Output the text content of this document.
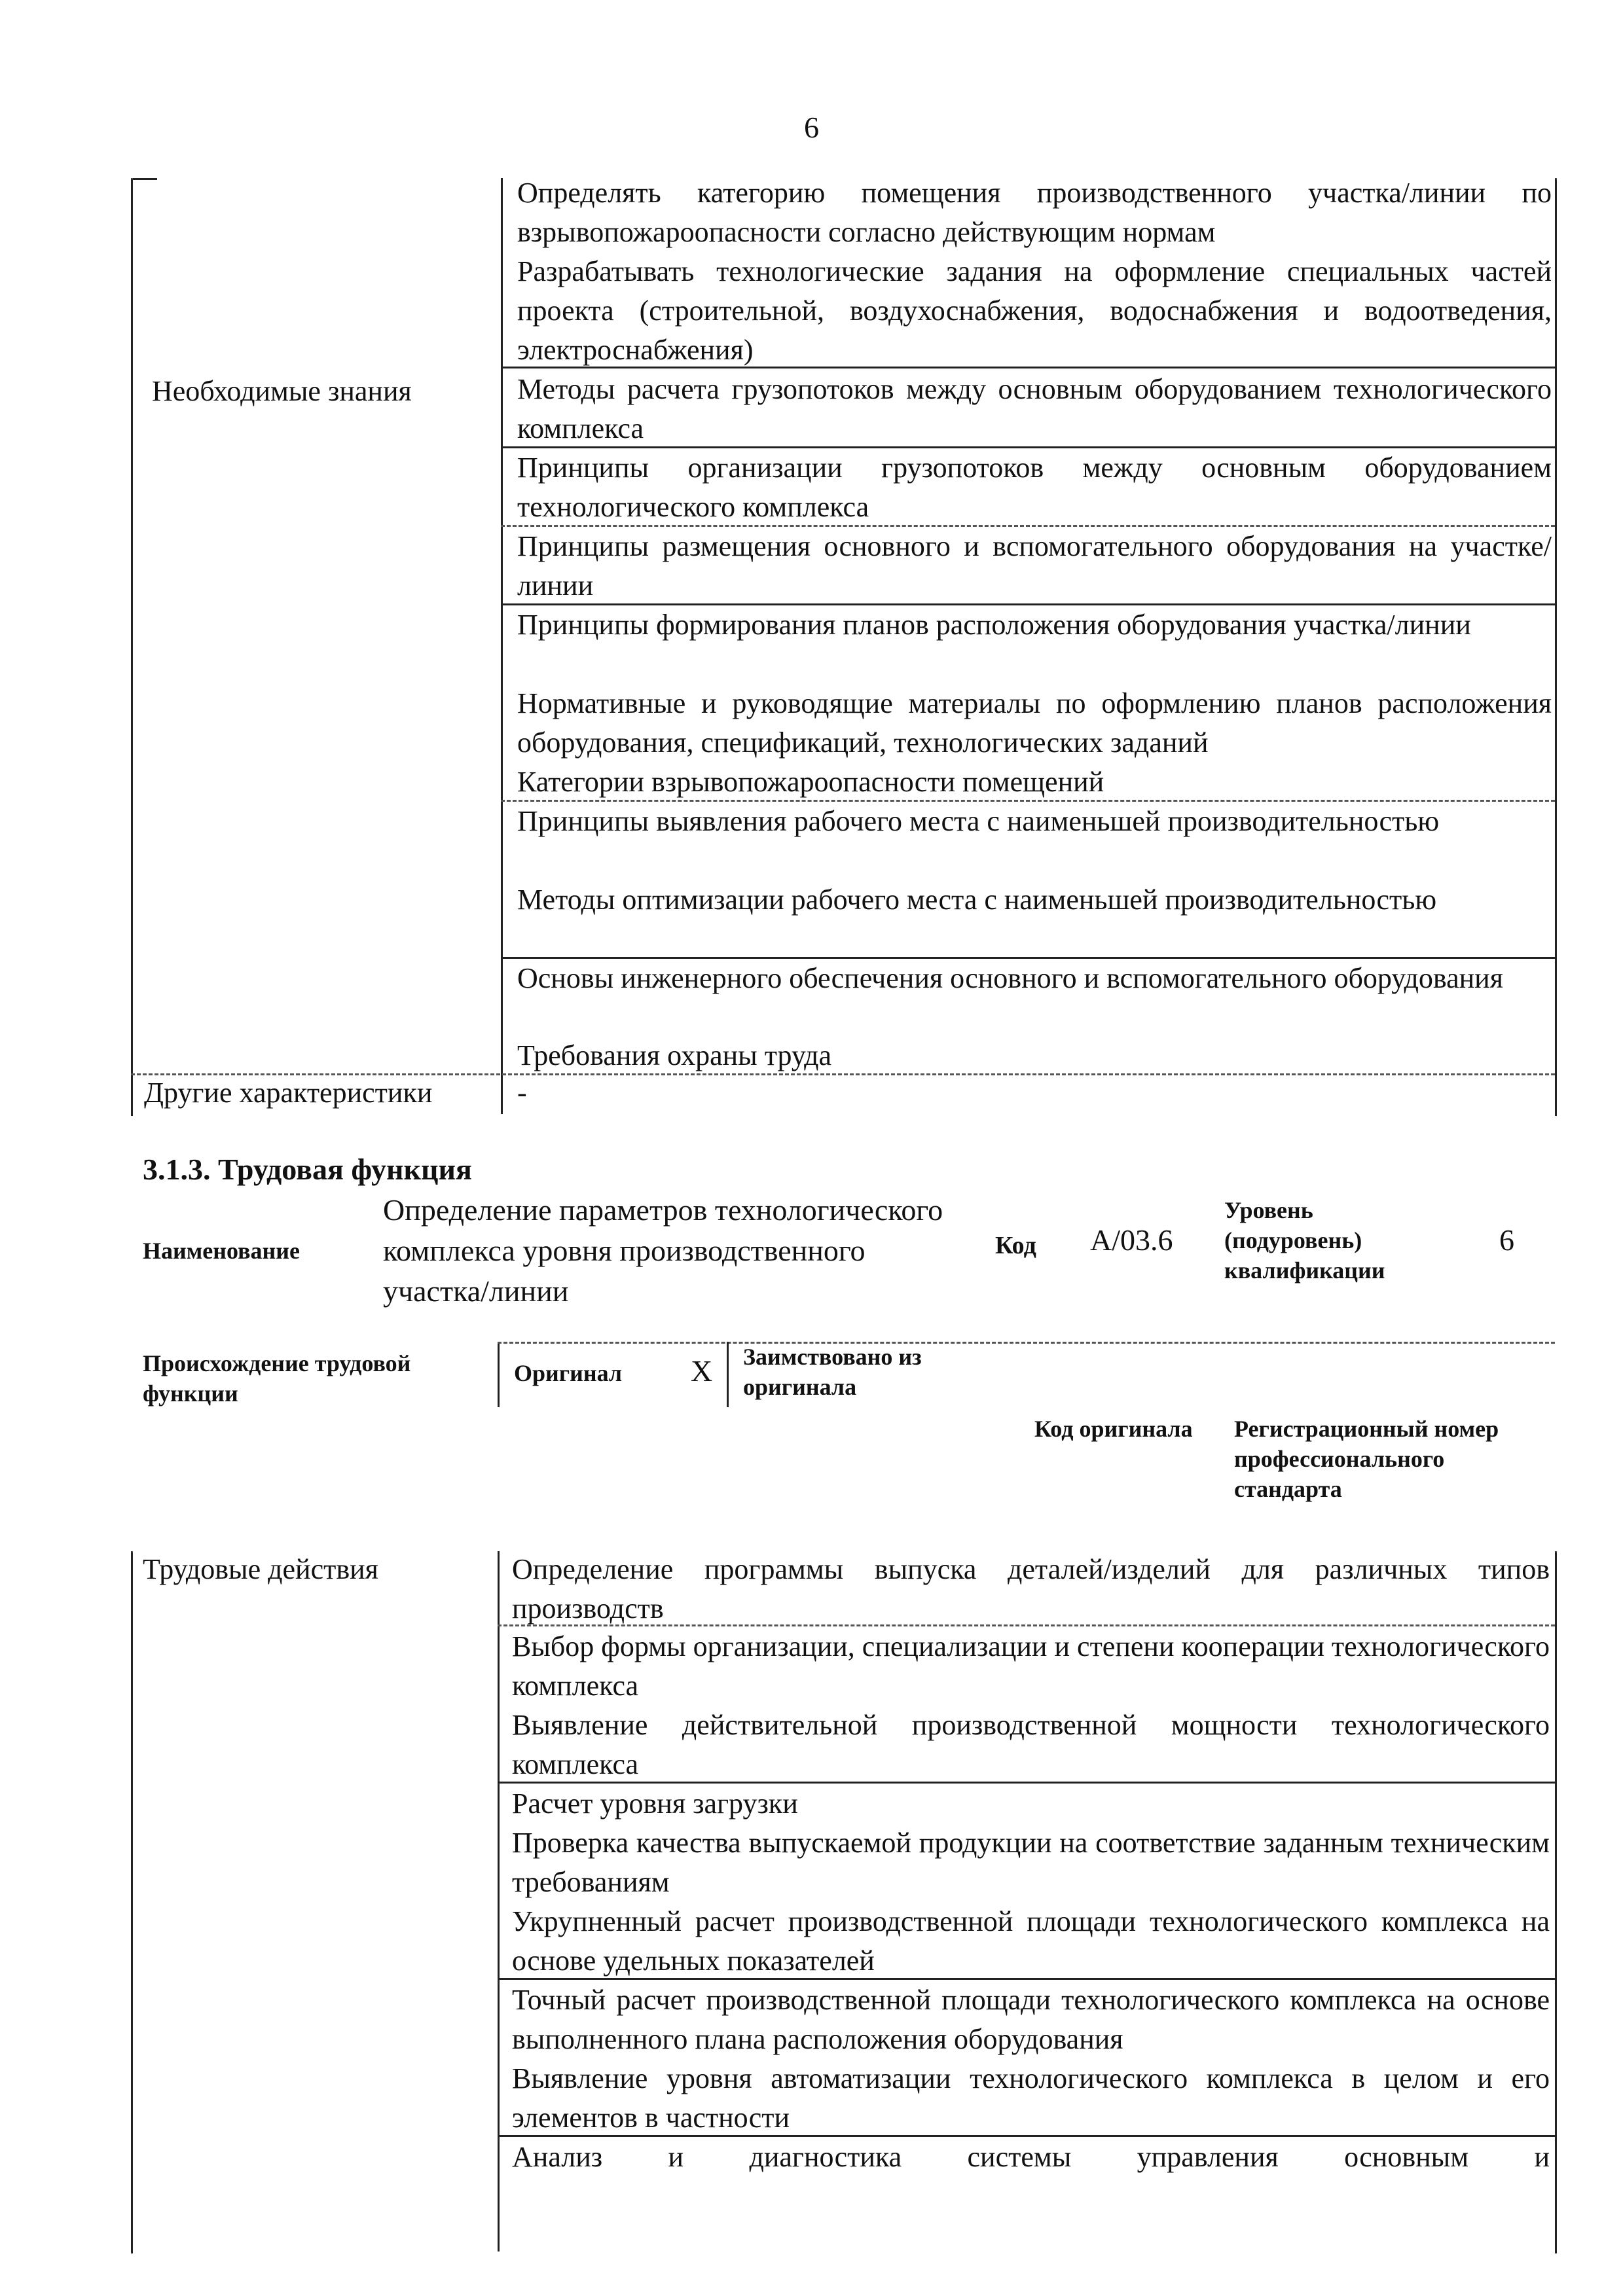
6
Необходимые знания
Определять категорию помещения производственного участка/линии по взрывопожароопасности согласно действующим нормам
Разрабатывать технологические задания на оформление специальных частей проекта (строительной, воздухоснабжения, водоснабжения и водоотведения, электроснабжения)
Методы расчета грузопотоков между основным оборудованием технологического комплекса
Принципы организации грузопотоков между основным оборудованием технологического комплекса
Принципы размещения основного и вспомогательного оборудования на участке/линии
Принципы формирования планов расположения оборудования участка/линии
Нормативные и руководящие материалы по оформлению планов расположения оборудования, спецификаций, технологических заданий
Категории взрывопожароопасности помещений
Принципы выявления рабочего места с наименьшей производительностью
Методы оптимизации рабочего места с наименьшей производительностью
Основы инженерного обеспечения основного и вспомогательного оборудования
Требования охраны труда
Другие характеристики	-
3.1.3. Трудовая функция
Наименование
Определение параметров технологического комплекса уровня производственного участка/линии
Код А/03.6
Уровень (подуровень) квалификации
6
Происхождение трудовой функции
Оригинал Х Заимствовано из оригинала
Код оригинала Регистрационный номер профессионального стандарта
Трудовые действия	Определение программы выпуска деталей/изделий для различных типов производств
Выбор формы организации, специализации и степени кооперации технологического комплекса
Выявление действительной производственной мощности технологического комплекса
Расчет уровня загрузки
Проверка качества выпускаемой продукции на соответствие заданным техническим требованиям
Укрупненный расчет производственной площади технологического комплекса на основе удельных показателей
Точный расчет производственной площади технологического комплекса на основе выполненного плана расположения оборудования
Выявление уровня автоматизации технологического комплекса в целом и его элементов в частности
Анализ и диагностика системы управления основным и
